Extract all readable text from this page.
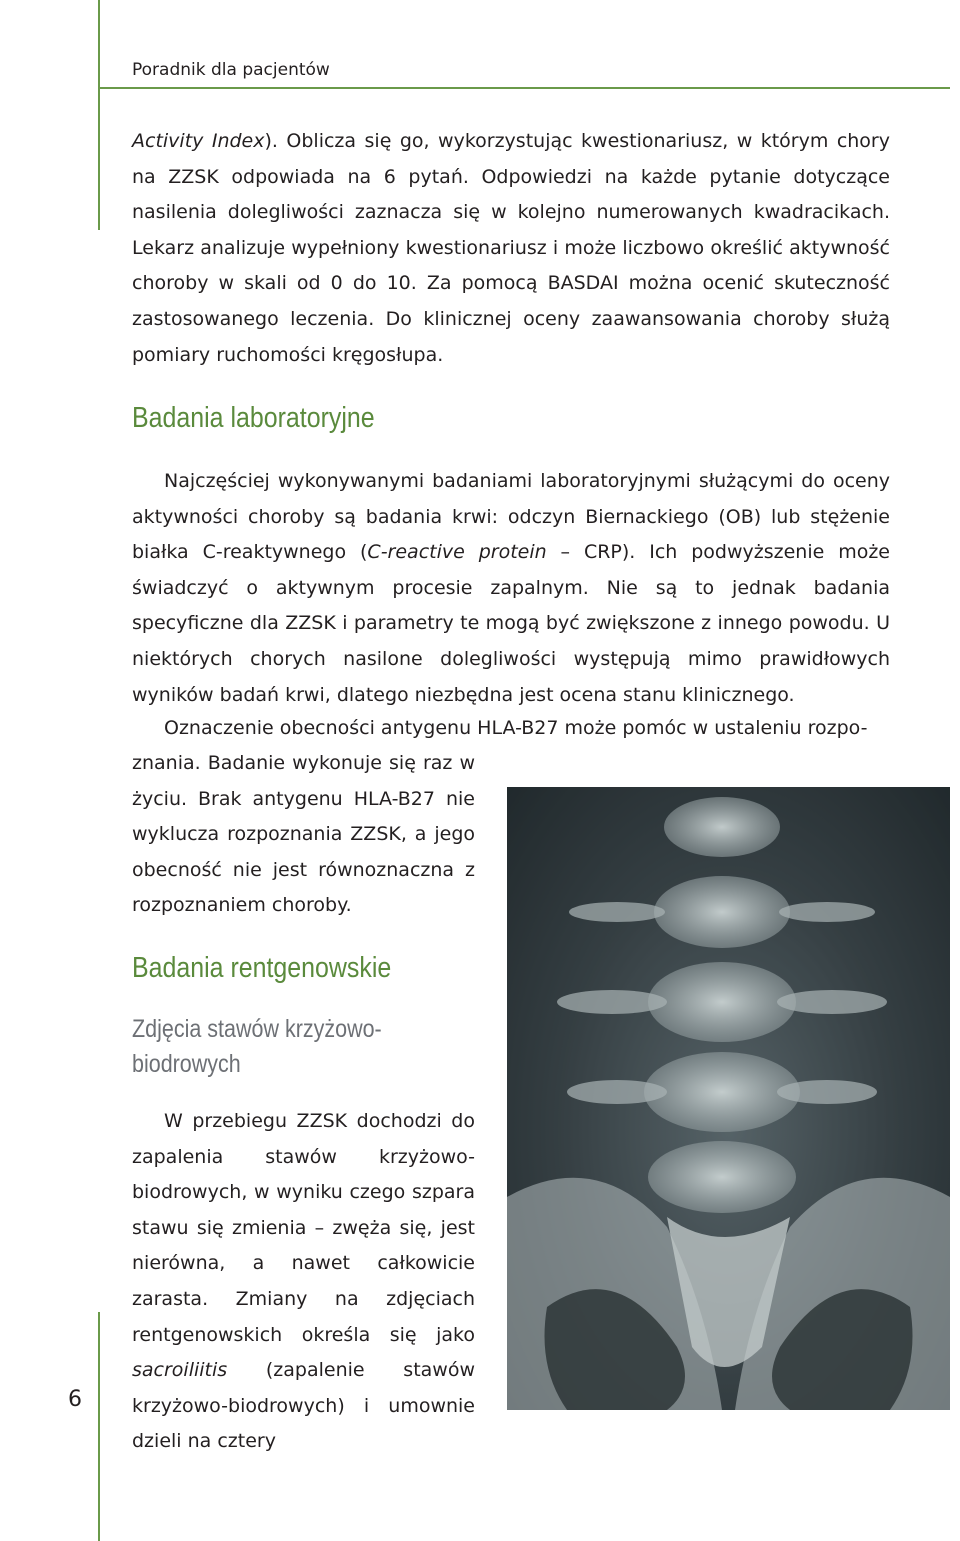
Poradnik dla pacjentów
6

Activity Index). Oblicza się go, wykorzystując kwestionariusz, w którym chory na ZZSK odpowiada na 6 pytań. Odpowiedzi na każde pytanie dotyczące nasilenia dolegliwości zaznacza się w kolejno numerowanych kwadracikach. Lekarz analizuje wypełniony kwestionariusz i może liczbowo określić aktywność choroby w skali od 0 do 10. Za pomocą BASDAI można ocenić skuteczność zastosowanego leczenia. Do klinicznej oceny zaawansowania choroby służą pomiary ruchomości kręgosłupa.

Badania laboratoryjne

Najczęściej wykonywanymi badaniami laboratoryjnymi służącymi do oceny aktywności choroby są badania krwi: odczyn Biernackiego (OB) lub stężenie białka C-reaktywnego (C-reactive protein – CRP). Ich podwyższenie może świadczyć o aktywnym procesie zapalnym. Nie są to jednak badania specyficzne dla ZZSK i parametry te mogą być zwiększone z innego powodu. U niektórych chorych nasilone dolegliwości występują mimo prawidłowych wyników badań krwi, dlatego niezbędna jest ocena stanu klinicznego.

Oznaczenie obecności antygenu HLA-B27 może pomóc w ustaleniu rozpo-

znania. Badanie wykonuje się raz w życiu. Brak antygenu HLA-B27 nie wyklucza rozpoznania ZZSK, a jego obecność nie jest równoznaczna z rozpoznaniem choroby.

Badania rentgenowskie
Zdjęcia stawów krzyżowo-biodrowych

W przebiegu ZZSK dochodzi do zapalenia stawów krzyżowo-biodrowych, w wyniku czego szpara stawu się zmienia – zwęża się, jest nierówna, a nawet całkowicie zarasta. Zmiany na zdjęciach rentgenowskich określa się jako sacroiliitis (zapalenie stawów krzyżowo-biodrowych) i umownie dzieli na cztery
